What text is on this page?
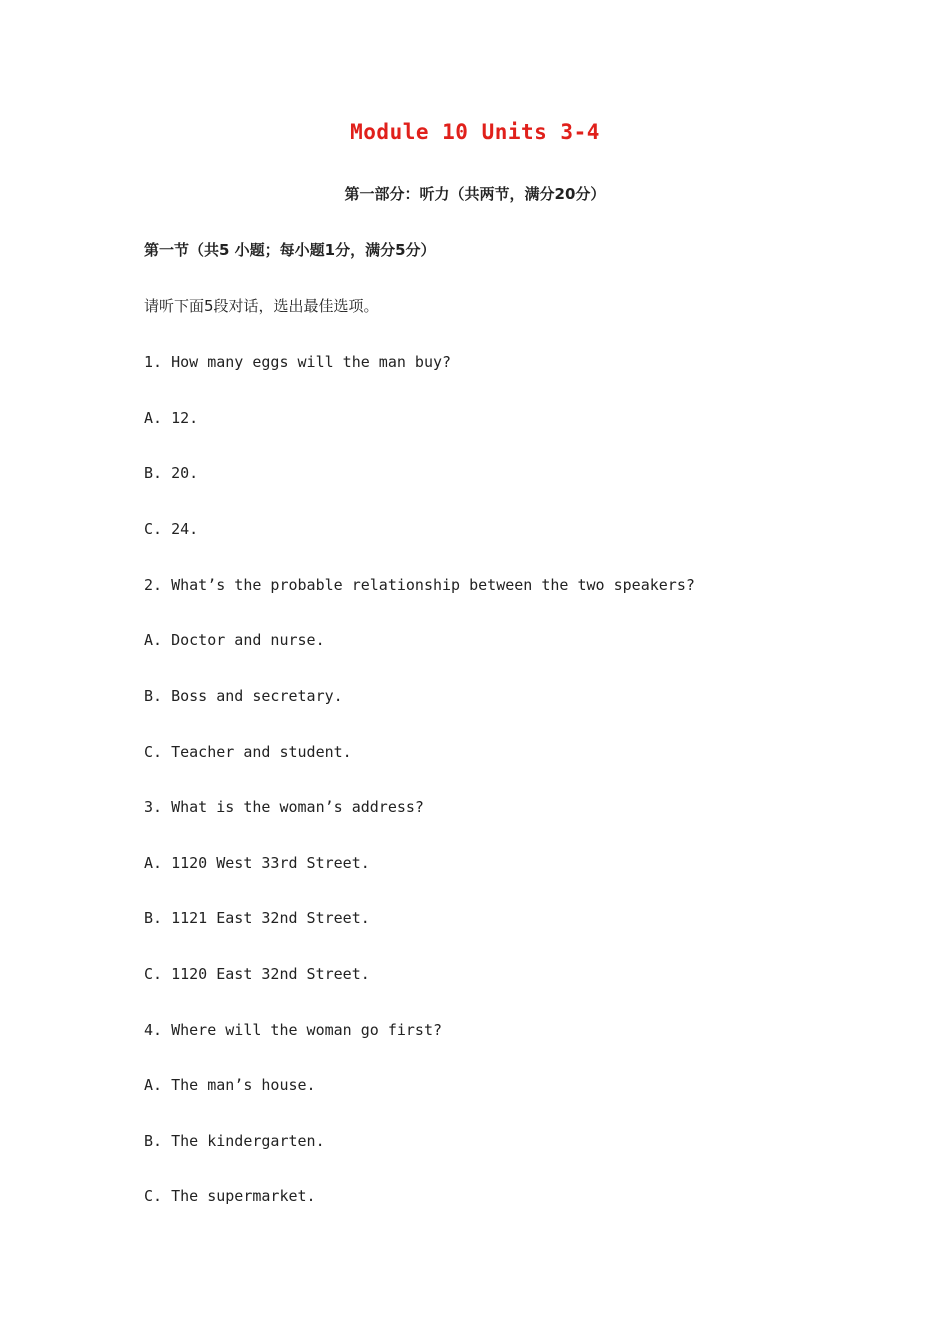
Module 10 Units 3-4
第一部分：听力（共两节，满分20分）
第一节（共5 小题；每小题1分，满分5分）
请听下面5段对话，选出最佳选项。
1. How many eggs will the man buy?
A. 12.
B. 20.
C. 24.
2. What’s the probable relationship between the two speakers?
A. Doctor and nurse.
B. Boss and secretary.
C. Teacher and student.
3. What is the woman’s address?
A. 1120 West 33rd Street.
B. 1121 East 32nd Street.
C. 1120 East 32nd Street.
4. Where will the woman go first?
A. The man’s house.
B. The kindergarten.
C. The supermarket.
